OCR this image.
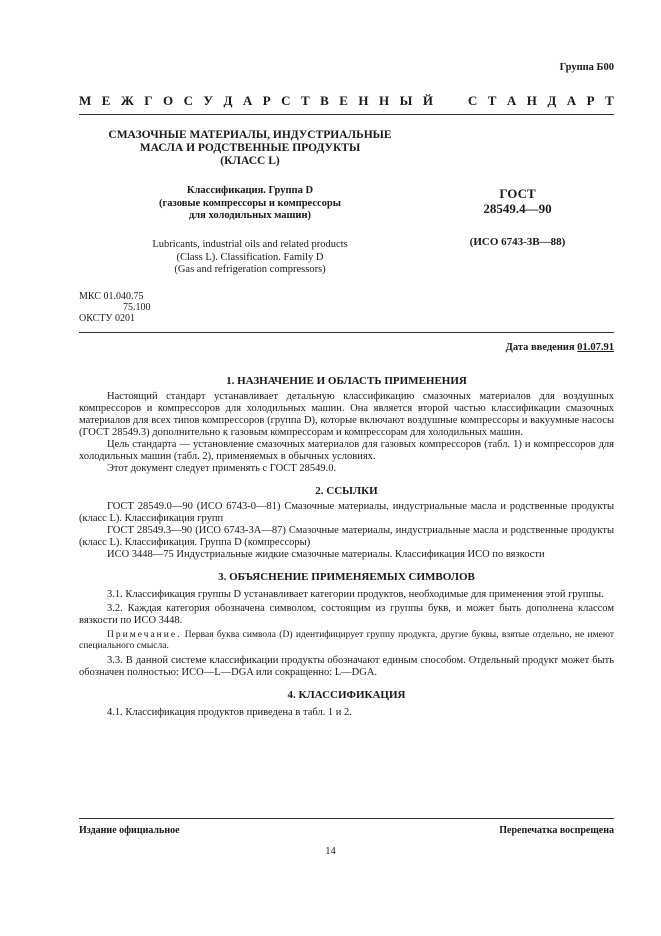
Группа Б00
М Е Ж Г О С У Д А Р С Т В Е Н Н Ы Й	С Т А Н Д А Р Т
СМАЗОЧНЫЕ МАТЕРИАЛЫ, ИНДУСТРИАЛЬНЫЕ
МАСЛА И РОДСТВЕННЫЕ ПРОДУКТЫ
(КЛАСС L)
Классификация. Группа D
(газовые компрессоры и компрессоры
для холодильных машин)
Lubricants, industrial oils and related products
(Class L). Classification. Family D
(Gas and refrigeration compressors)
ГОСТ
28549.4—90
(ИСО 6743-3В—88)
МКС 01.040.75
75.100
ОКСТУ 0201
Дата введения 01.07.91
1. НАЗНАЧЕНИЕ И ОБЛАСТЬ ПРИМЕНЕНИЯ

Настоящий стандарт устанавливает детальную классификацию смазочных материалов для воздушных компрессоров и компрессоров для холодильных машин. Она является второй частью классификации смазочных материалов для всех типов компрессоров (группа D), которые включают воздушные компрессоры и вакуумные насосы (ГОСТ 28549.3) дополнительно к газовым компрессорам и компрессорам для холодильных машин.

Цель стандарта — установление смазочных материалов для газовых компрессоров (табл. 1) и компрессоров для холодильных машин (табл. 2), применяемых в обычных условиях.

Этот документ следует применять с ГОСТ 28549.0.

2. ССЫЛКИ

ГОСТ 28549.0—90 (ИСО 6743-0—81) Смазочные материалы, индустриальные масла и родственные продукты (класс L). Классификация групп

ГОСТ 28549.3—90 (ИСО 6743-3А—87) Смазочные материалы, индустриальные масла и родственные продукты (класс L). Классификация. Группа D (компрессоры)

ИСО 3448—75 Индустриальные жидкие смазочные материалы. Классификация ИСО по вязкости

3. ОБЪЯСНЕНИЕ ПРИМЕНЯЕМЫХ СИМВОЛОВ

3.1. Классификация группы D устанавливает категории продуктов, необходимые для применения этой группы.

3.2. Каждая категория обозначена символом, состоящим из группы букв, и может быть дополнена классом вязкости по ИСО 3448.

Примечание. Первая буква символа (D) идентифицирует группу продукта, другие буквы, взятые отдельно, не имеют специального смысла.

3.3. В данной системе классификации продукты обозначают единым способом. Отдельный продукт может быть обозначен полностью: ИСО—L—DGA или сокращенно: L—DGA.

4. КЛАССИФИКАЦИЯ

4.1. Классификация продуктов приведена в табл. 1 и 2.

Издание официальное	Перепечатка воспрещена
14
